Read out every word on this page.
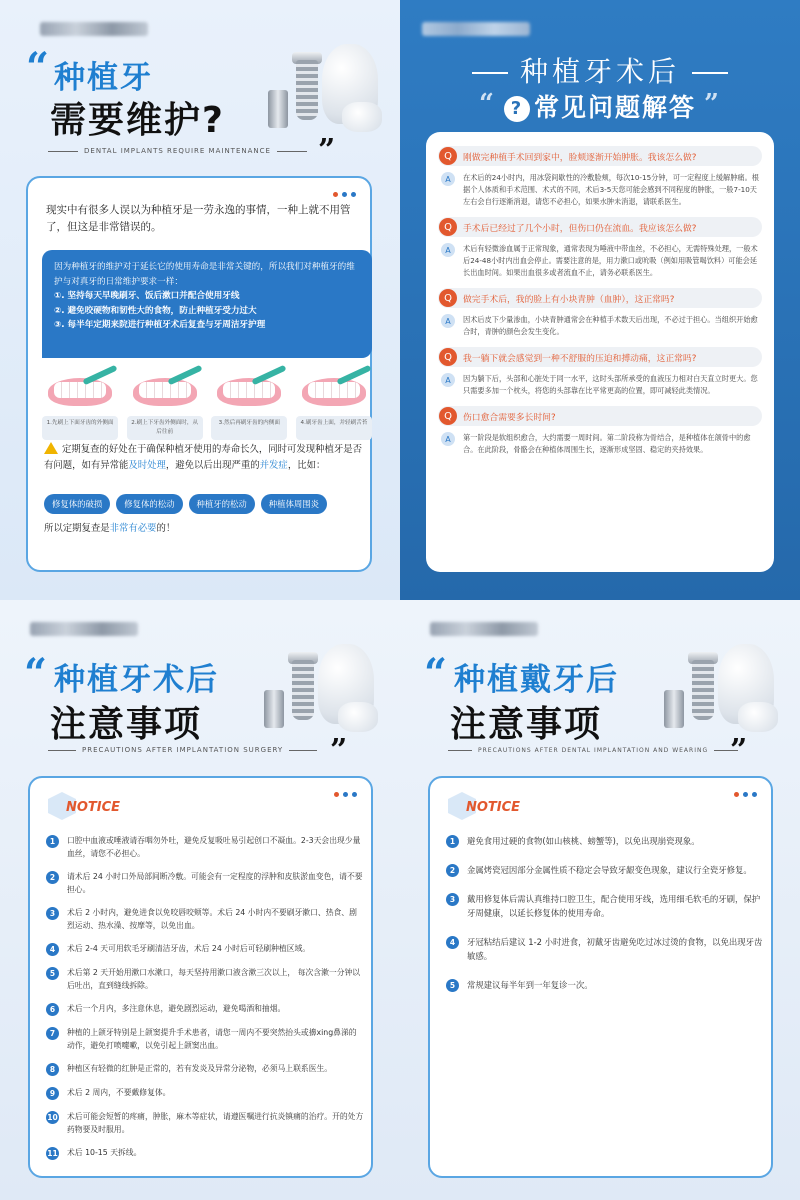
“ 种植牙
需要维护?
DENTAL IMPLANTS REQUIRE MAINTENANCE ”
现实中有很多人误以为种植牙是一劳永逸的事情，一种上就不用管了，但这是非常错误的。
因为种植牙的维护对于延长它的使用寿命是非常关键的，所以我们对种植牙的维护与对真牙的日常维护要求一样：
①. 坚持每天早晚刷牙、饭后漱口并配合使用牙线
②. 避免咬硬物和韧性大的食物，防止种植牙受力过大
③. 每半年定期来院进行种植牙术后复查与牙周洁牙护理
1.先刷上下面牙齿的外侧面	2.刷上下牙齿外侧面时，从后往前
3.然后再刷牙齿的内侧面	4.刷牙齿上面，并轻刷舌苔
定期复查的好处在于确保种植牙使用的寿命长久，同时可发现种植牙是否有问题，如有异常能及时处理，避免以后出现严重的并发症，比如：
修复体的破损	修复体的松动	种植牙的松动	种植体周围炎
所以定期复查是非常有必要的！
种植牙术后
“ ? 常见问题解答 ”
Q	刚做完种植手术回到家中，脸颊逐渐开始肿胀。我该怎么做?
A	在术后的24小时内，用冰袋间歇性的冷敷脸颊，每次10-15分钟，可一定程度上缓解肿痛。根据个人体质和手术范围、术式的不同，术后3-5天您可能会感到不同程度的肿胀，一般7-10天左右会自行逐渐消退，请您不必担心，如果水肿未消退，请联系医生。
Q	手术后已经过了几个小时，但伤口仍在流血。我应该怎么做?
A	术后有轻微渗血属于正常现象，通常表现为唾液中带血丝，不必担心，无需特殊处理，一般术后24-48小时内出血会停止。需要注意的是，用力漱口或吮吸（例如用吸管喝饮料）可能会延长出血时间。如果出血很多或者流血不止，请务必联系医生。
Q	做完手术后，我的脸上有小块青肿（血肿），这正常吗?
A	因术后皮下少量渗血，小块青肿通常会在种植手术数天后出现，不必过于担心。当组织开始愈合时，青肿的颜色会发生变化。
Q	我一躺下就会感觉到一种不舒服的压迫和搏动痛，这正常吗?
A	因为躺下后，头部和心脏处于同一水平，这时头部所承受的血液压力相对白天直立时更大。您只需要多加一个枕头，将您的头部靠在比平常更高的位置，即可减轻此类情况。
Q	伤口愈合需要多长时间?
A	第一阶段是软组织愈合，大约需要一周时间。第二阶段称为骨结合，是种植体在颌骨中的愈合。在此阶段，骨骼会在种植体周围生长，逐渐形成坚固、稳定的夹持效果。
“ 种植牙术后
注意事项
PRECAUTIONS AFTER IMPLANTATION SURGERY ”
NOTICE
1	口腔中血液或唾液请吞咽勿外吐，避免反复吸吐易引起创口不凝血。2-3天会出现少量血丝，请您不必担心。
2	请术后 24 小时口外局部间断冷敷。可能会有一定程度的浮肿和皮肤淤血变色，请不要担心。
3	术后 2 小时内，避免进食以免咬唇咬颊等。术后 24 小时内不要刷牙漱口、热食、剧烈运动、热水澡、按摩等，以免出血。
4	术后 2-4 天可用软毛牙刷清洁牙齿，术后 24 小时后可轻刷种植区域。
5	术后第 2 天开始用漱口水漱口，每天坚持用漱口液含漱三次以上， 每次含漱一分钟以后吐出，直到缝线拆除。
6	术后一个月内，多注意休息，避免剧烈运动，避免喝酒和抽烟。
7	种植的上颌牙特别是上颌窦提升手术患者，请您一周内不要突然抬头或擤xing鼻涕的动作，避免打喷嚏嗽，以免引起上颌窦出血。
8	种植区有轻微的红肿是正常的，若有发炎及异常分泌物，必须马上联系医生。
9	术后 2 周内，不要戴修复体。
10 术后可能会短暂的疼痛，肿胀，麻木等症状，请遵医嘱进行抗炎镇痛的治疗。开的处方药物要及时服用。
11 术后 10-15 天拆线。
“ 种植戴牙后
注意事项
PRECAUTIONS AFTER DENTAL IMPLANTATION AND WEARING ”
NOTICE
1	避免食用过硬的食物(如山核桃、螃蟹等)，以免出现崩瓷现象。
2	金属烤瓷冠因部分金属性质不稳定会导致牙龈变色现象，建议行全瓷牙修复。
3	戴用修复体后需认真维持口腔卫生，配合使用牙线，选用细毛软毛的牙刷，保护牙周健康，以延长修复体的使用寿命。
4	牙冠粘结后建议 1-2 小时进食，初戴牙齿避免吃过冰过烫的食物，以免出现牙齿敏感。
5	常规建议每半年到一年复诊一次。
